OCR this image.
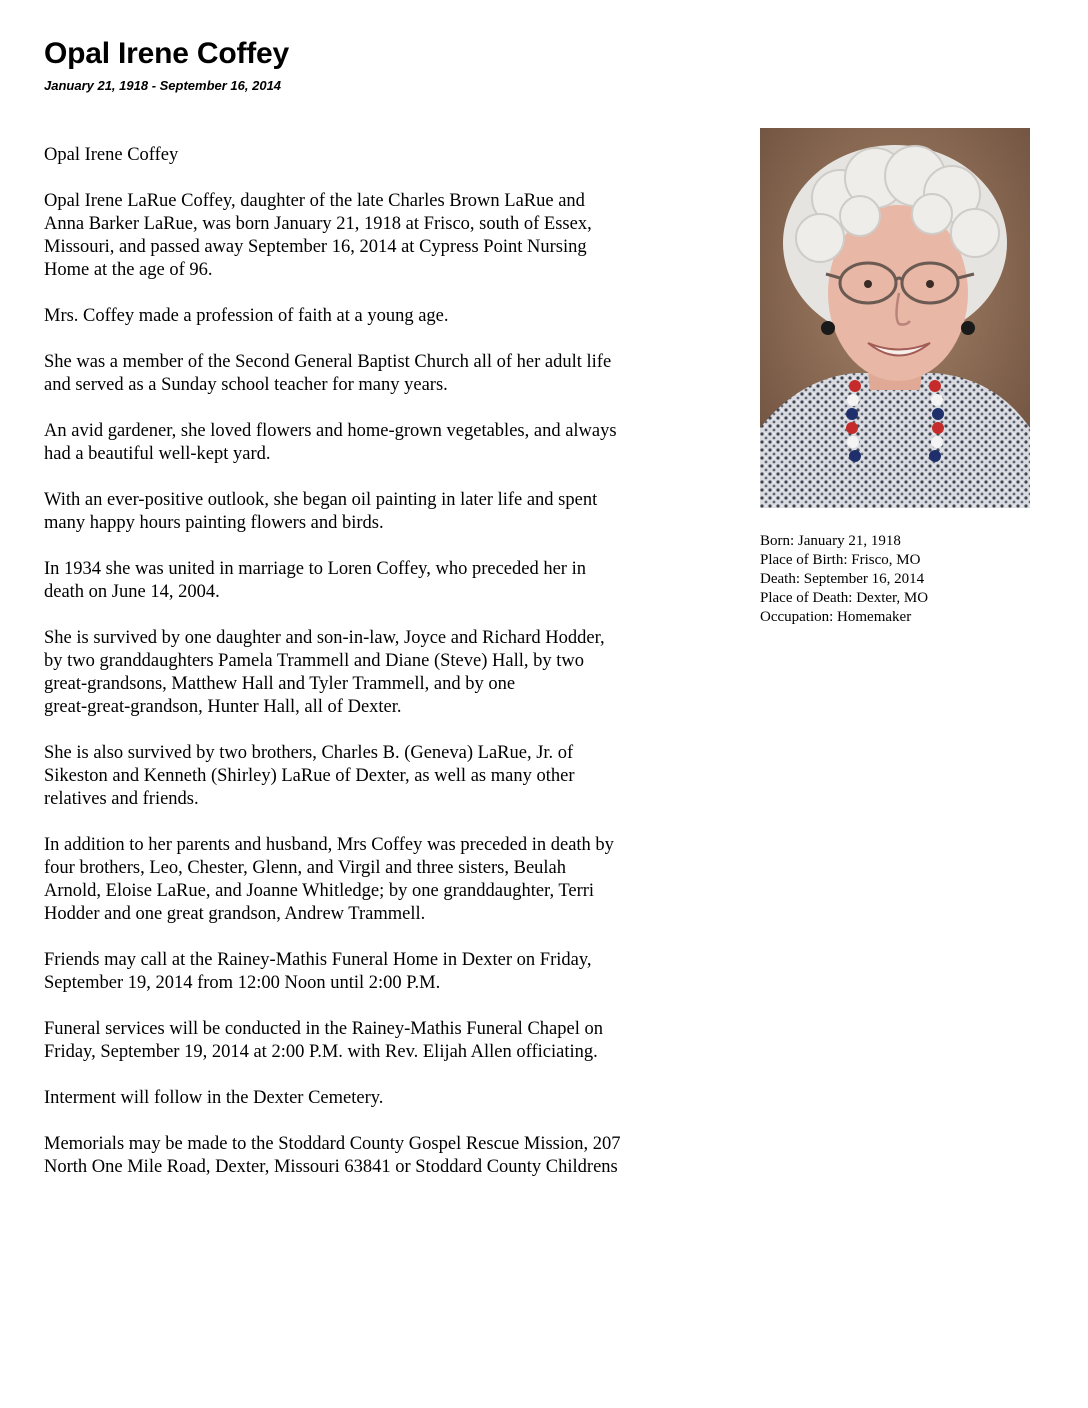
Opal Irene Coffey
January 21, 1918 - September 16, 2014

Opal Irene Coffey

Opal Irene LaRue Coffey, daughter of the late Charles Brown LaRue and
Anna Barker LaRue, was born January 21, 1918 at Frisco, south of Essex,
Missouri, and passed away September 16, 2014 at Cypress Point Nursing
Home at the age of 96.

Mrs. Coffey made a profession of faith at a young age.

She was a member of the Second General Baptist Church all of her adult life
and served as a Sunday school teacher for many years.

An avid gardener, she loved flowers and home-grown vegetables, and always
had a beautiful well-kept yard.

With an ever-positive outlook, she began oil painting in later life and spent
many happy hours painting flowers and birds.

In 1934 she was united in marriage to Loren Coffey, who preceded her in
death on June 14, 2004.

She is survived by one daughter and son-in-law, Joyce and Richard Hodder,
by two granddaughters Pamela Trammell and Diane (Steve) Hall, by two
great-grandsons, Matthew Hall and Tyler Trammell, and by one
great-great-grandson, Hunter Hall, all of Dexter.

She is also survived by two brothers, Charles B. (Geneva) LaRue, Jr. of
Sikeston and Kenneth (Shirley) LaRue of Dexter, as well as many other
relatives and friends.

In addition to her parents and husband, Mrs Coffey was preceded in death by
four brothers, Leo, Chester, Glenn, and Virgil and three sisters, Beulah
Arnold, Eloise LaRue, and Joanne Whitledge; by one granddaughter, Terri
Hodder and one great grandson, Andrew Trammell.

Friends may call at the Rainey-Mathis Funeral Home in Dexter on Friday,
September 19, 2014 from 12:00 Noon until 2:00 P.M.

Funeral services will be conducted in the Rainey-Mathis Funeral Chapel on
Friday, September 19, 2014 at 2:00 P.M. with Rev. Elijah Allen officiating.

Interment will follow in the Dexter Cemetery.

Memorials may be made to the Stoddard County Gospel Rescue Mission, 207
North One Mile Road, Dexter, Missouri 63841 or Stoddard County Childrens

Born: January 21, 1918
Place of Birth: Frisco, MO
Death: September 16, 2014
Place of Death: Dexter, MO
Occupation: Homemaker
